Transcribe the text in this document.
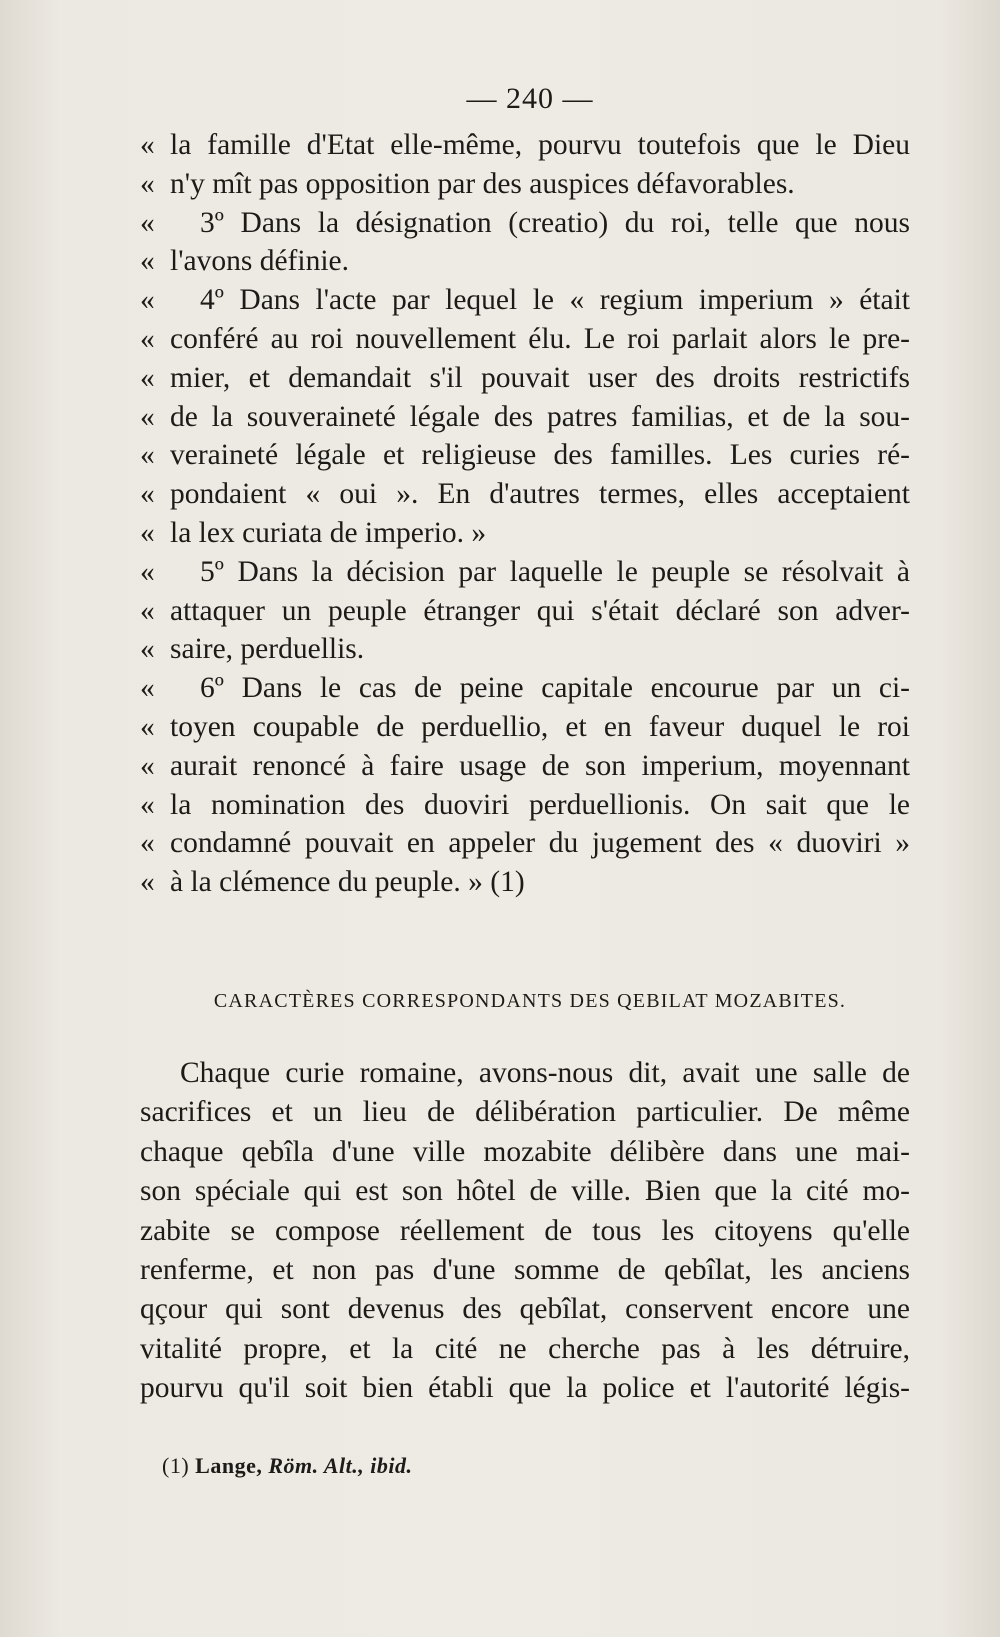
— 240 —
« la famille d'Etat elle-même, pourvu toutefois que le Dieu
« n'y mît pas opposition par des auspices défavorables.
« 3º Dans la désignation (creatio) du roi, telle que nous
« l'avons définie.
« 4º Dans l'acte par lequel le « regium imperium » était
« conféré au roi nouvellement élu. Le roi parlait alors le pre-
« mier, et demandait s'il pouvait user des droits restrictifs
« de la souveraineté légale des patres familias, et de la sou-
« veraineté légale et religieuse des familles. Les curies ré-
« pondaient « oui ». En d'autres termes, elles acceptaient
« la lex curiata de imperio. »
« 5º Dans la décision par laquelle le peuple se résolvait à
« attaquer un peuple étranger qui s'était déclaré son adver-
« saire, perduellis.
« 6º Dans le cas de peine capitale encourue par un ci-
« toyen coupable de perduellio, et en faveur duquel le roi
« aurait renoncé à faire usage de son imperium, moyennant
« la nomination des duoviri perduellionis. On sait que le
« condamné pouvait en appeler du jugement des « duoviri »
« à la clémence du peuple. » (1)
CARACTÈRES CORRESPONDANTS DES QEBILAT MOZABITES.
Chaque curie romaine, avons-nous dit, avait une salle de
sacrifices et un lieu de délibération particulier. De même
chaque qebîla d'une ville mozabite délibère dans une mai-
son spéciale qui est son hôtel de ville. Bien que la cité mo-
zabite se compose réellement de tous les citoyens qu'elle
renferme, et non pas d'une somme de qebîlat, les anciens
qçour qui sont devenus des qebîlat, conservent encore une
vitalité propre, et la cité ne cherche pas à les détruire,
pourvu qu'il soit bien établi que la police et l'autorité légis-
(1) Lange, Röm. Alt., ibid.
